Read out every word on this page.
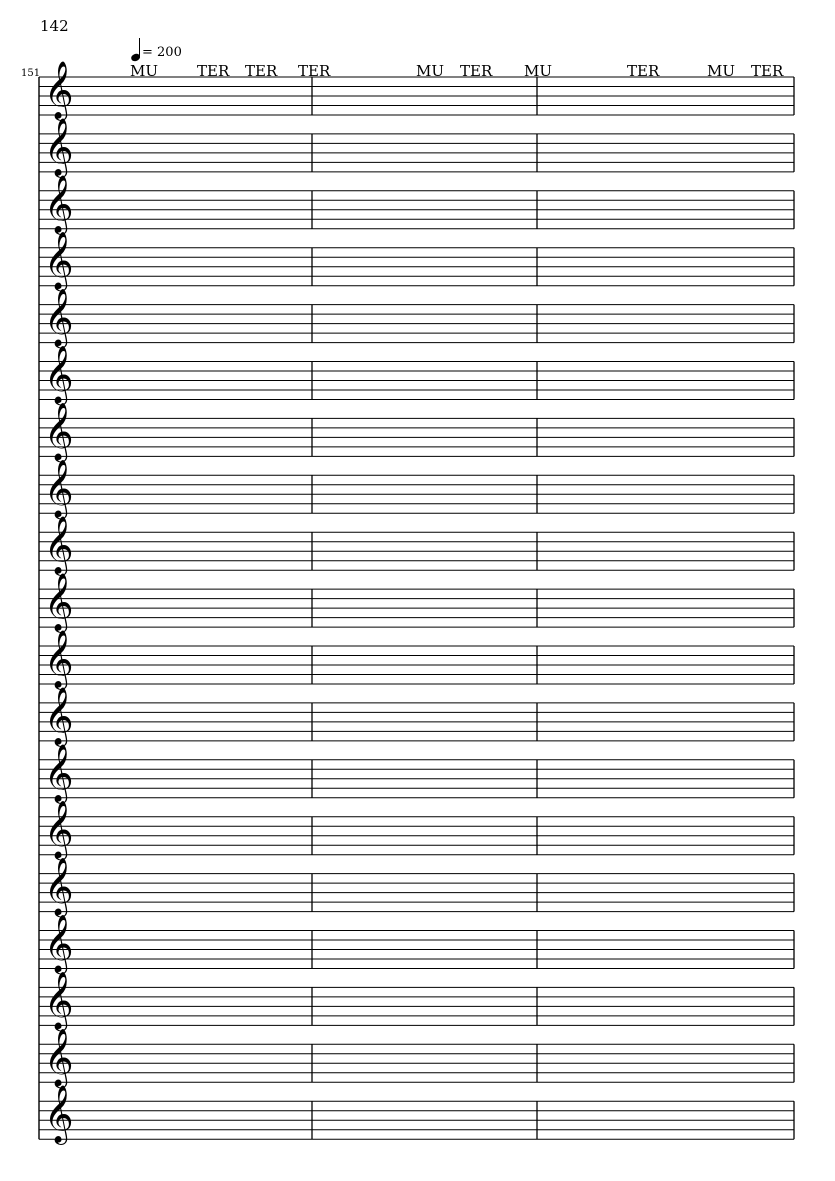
142
151
= 200
MU	TER TER TER	MU TER MU	TER	MU TER
𝄞
𝄞
𝄞
𝄞
𝄞
𝄞
𝄞
𝄞
𝄞
𝄞
𝄞
𝄞
𝄞
𝄞
𝄞
𝄞
𝄞
𝄞
𝄞
